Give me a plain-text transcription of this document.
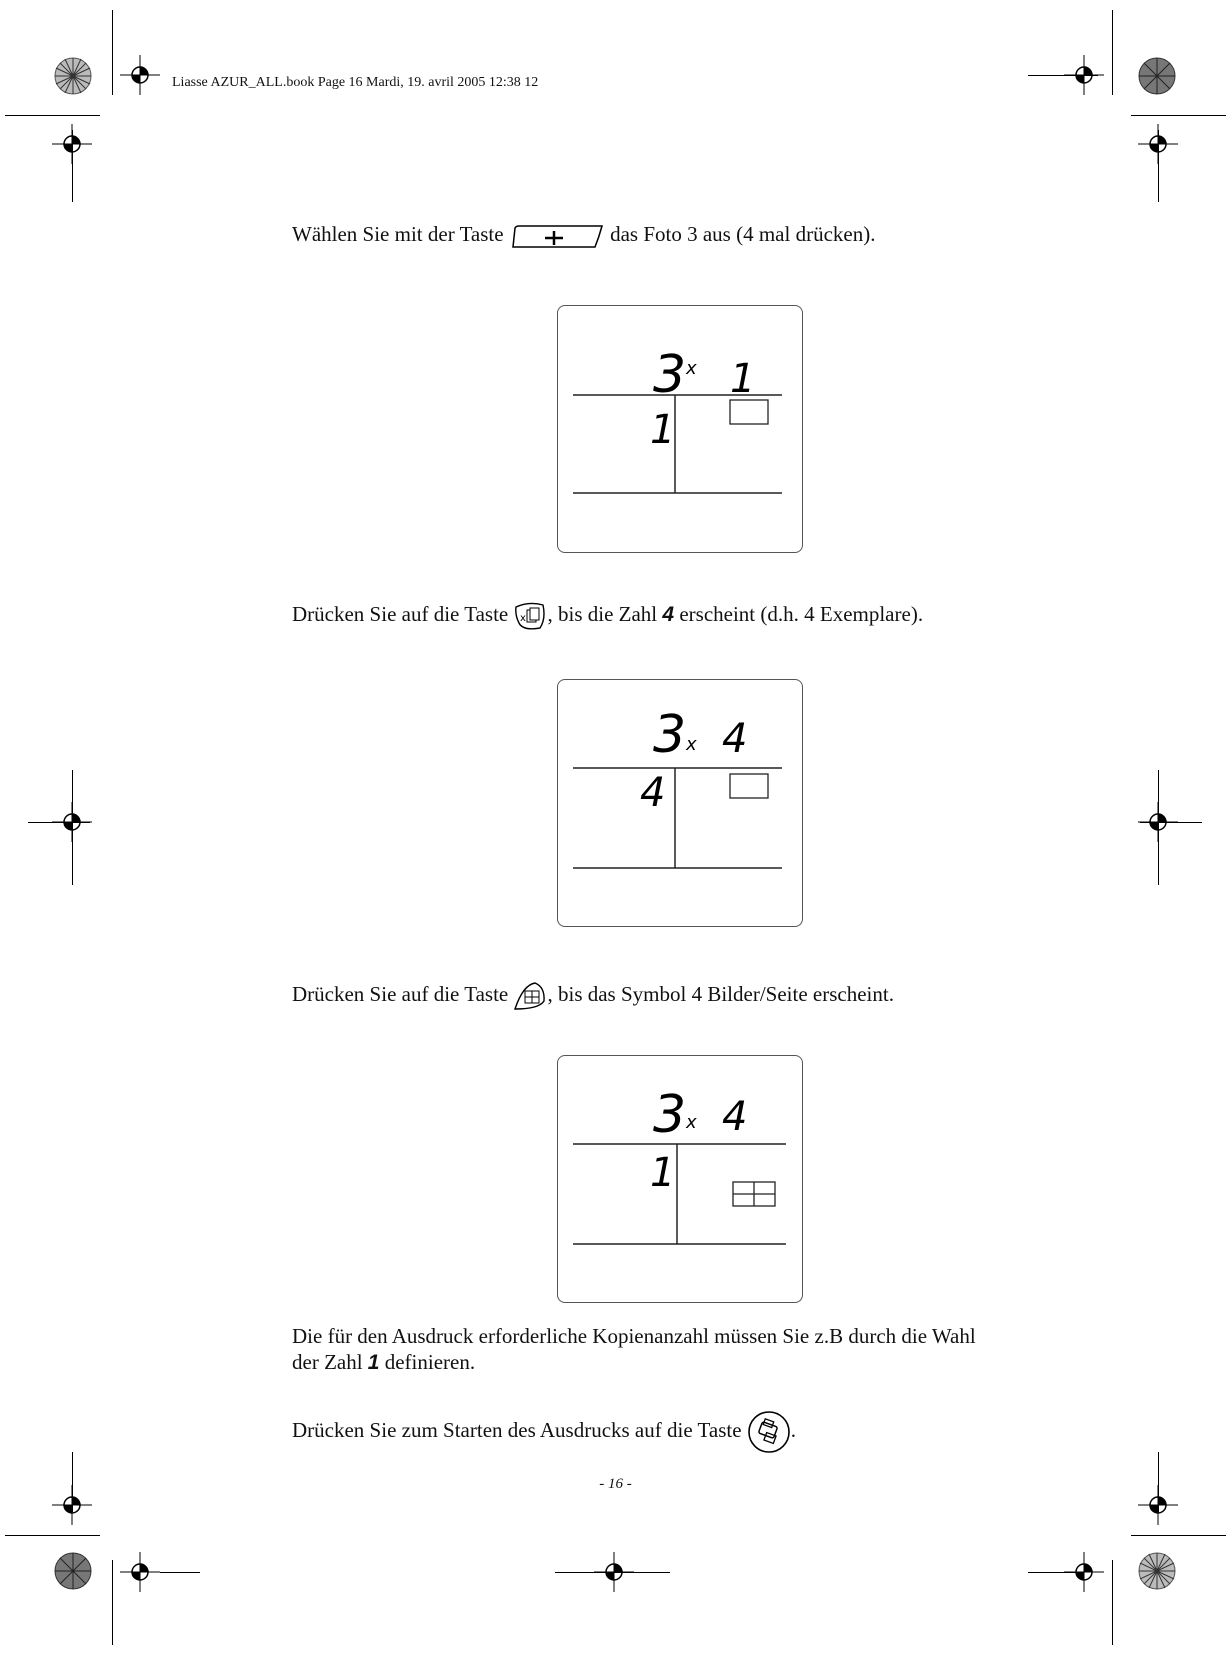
Liasse AZUR_ALL.book Page 16 Mardi, 19. avril 2005 12:38 12
Wählen Sie mit der Taste	das Foto 3 aus (4 mal drücken).
3 x 1
1
Drücken Sie auf die Taste x , bis die Zahl 4 erscheint (d.h. 4 Exemplare).
3 x 4
4
Drücken Sie auf die Taste , bis das Symbol 4 Bilder/Seite erscheint.
3 x 4
1
Die für den Ausdruck erforderliche Kopienanzahl müssen Sie z.B durch die Wahl
der Zahl 1 definieren.
Drücken Sie zum Starten des Ausdrucks auf die Taste .
- 16 -
